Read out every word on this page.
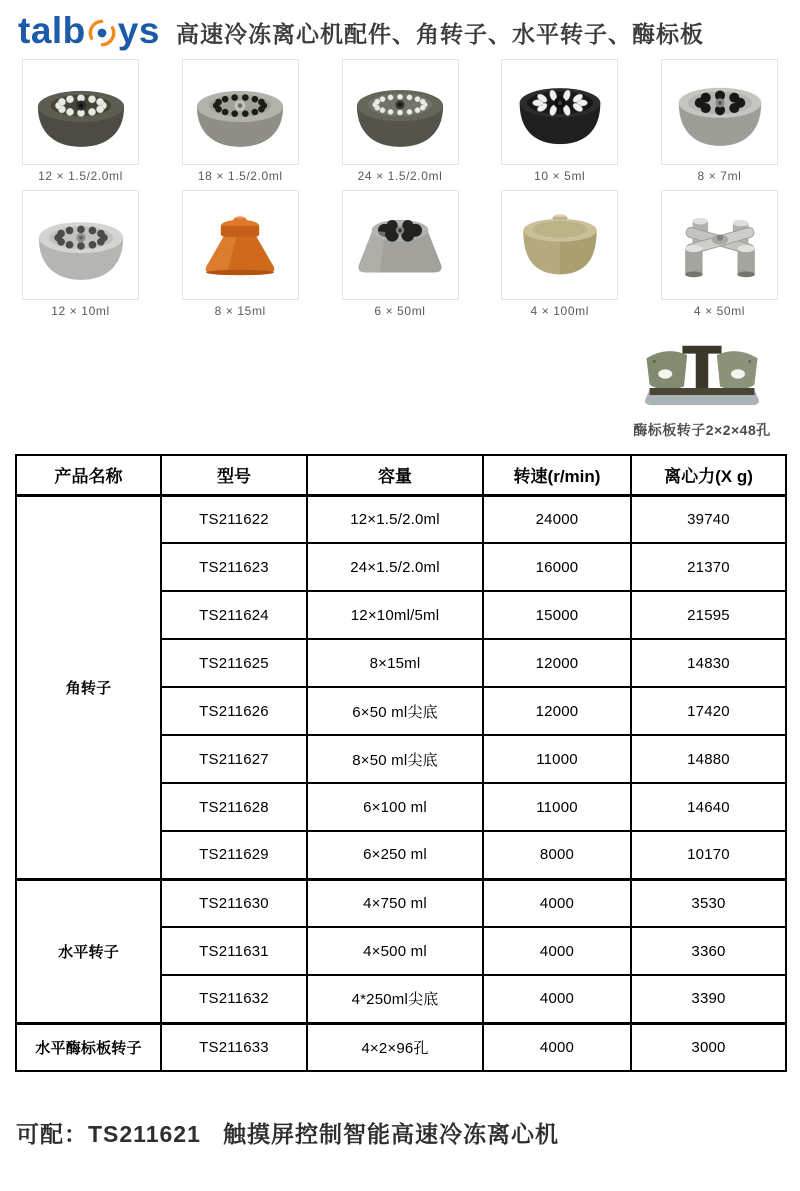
talb ys 高速冷冻离心机配件、角转子、水平转子、酶标板
12 × 1.5/2.0ml	18 × 1.5/2.0ml	24 × 1.5/2.0ml	10 × 5ml	8 × 7ml
12 × 10ml	8 × 15ml	6 × 50ml	4 × 100ml	4 × 50ml
酶标板转子2×2×48孔
产品名称	型号	容量	转速(r/min)	离心力(X g)
角转子	TS211622	12×1.5/2.0ml	24000	39740
	TS211623	24×1.5/2.0ml	16000	21370
	TS211624	12×10ml/5ml	15000	21595
	TS211625	8×15ml	12000	14830
	TS211626	6×50 ml尖底	12000	17420
	TS211627	8×50 ml尖底	11000	14880
	TS211628	6×100 ml	11000	14640
	TS211629	6×250 ml	8000	10170
水平转子	TS211630	4×750 ml	4000	3530
	TS211631	4×500 ml	4000	3360
	TS211632	4*250ml尖底	4000	3390
水平酶标板转子	TS211633	4×2×96孔	4000	3000
可配：TS211621   触摸屏控制智能高速冷冻离心机
